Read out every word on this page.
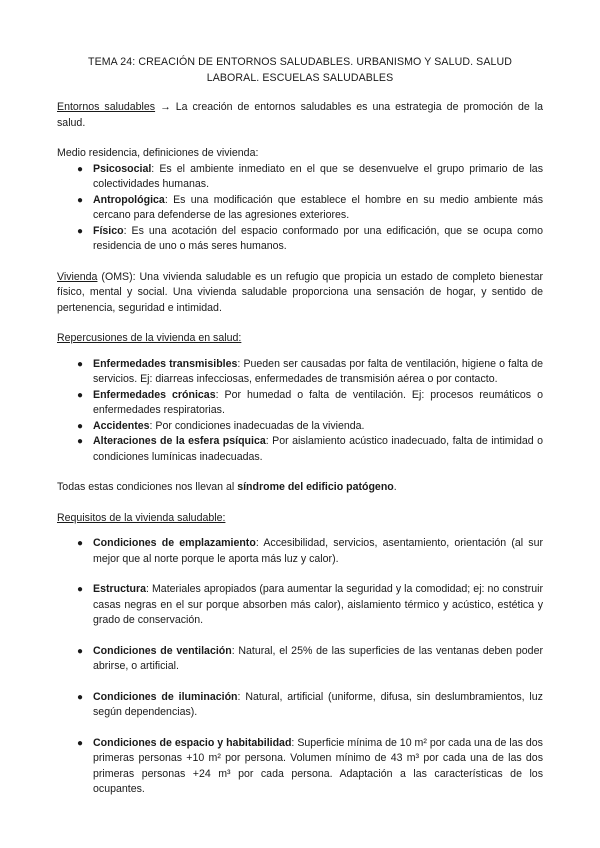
TEMA 24: CREACIÓN DE ENTORNOS SALUDABLES. URBANISMO Y SALUD. SALUD
LABORAL. ESCUELAS SALUDABLES

Entornos saludables → La creación de entornos saludables es una estrategia de promoción de la salud.

Medio residencia, definiciones de vivienda:

● Psicosocial: Es el ambiente inmediato en el que se desenvuelve el grupo primario de las colectividades humanas.
● Antropológica: Es una modificación que establece el hombre en su medio ambiente más cercano para defenderse de las agresiones exteriores.
● Físico: Es una acotación del espacio conformado por una edificación, que se ocupa como residencia de uno o más seres humanos.

Vivienda (OMS): Una vivienda saludable es un refugio que propicia un estado de completo bienestar físico, mental y social. Una vivienda saludable proporciona una sensación de hogar, y sentido de pertenencia, seguridad e intimidad.

Repercusiones de la vivienda en salud:

● Enfermedades transmisibles: Pueden ser causadas por falta de ventilación, higiene o falta de servicios. Ej: diarreas infecciosas, enfermedades de transmisión aérea o por contacto.
● Enfermedades crónicas: Por humedad o falta de ventilación. Ej: procesos reumáticos o enfermedades respiratorias.
● Accidentes: Por condiciones inadecuadas de la vivienda.
● Alteraciones de la esfera psíquica: Por aislamiento acústico inadecuado, falta de intimidad o condiciones lumínicas inadecuadas.

Todas estas condiciones nos llevan al síndrome del edificio patógeno.

Requisitos de la vivienda saludable:

● Condiciones de emplazamiento: Accesibilidad, servicios, asentamiento, orientación (al sur mejor que al norte porque le aporta más luz y calor).
● Estructura: Materiales apropiados (para aumentar la seguridad y la comodidad; ej: no construir casas negras en el sur porque absorben más calor), aislamiento térmico y acústico, estética y grado de conservación.
● Condiciones de ventilación: Natural, el 25% de las superficies de las ventanas deben poder abrirse, o artificial.
● Condiciones de iluminación: Natural, artificial (uniforme, difusa, sin deslumbramientos, luz según dependencias).
● Condiciones de espacio y habitabilidad: Superficie mínima de 10 m² por cada una de las dos primeras personas +10 m² por persona. Volumen mínimo de 43 m³ por cada una de las dos primeras personas +24 m³ por cada persona. Adaptación a las características de los ocupantes.
